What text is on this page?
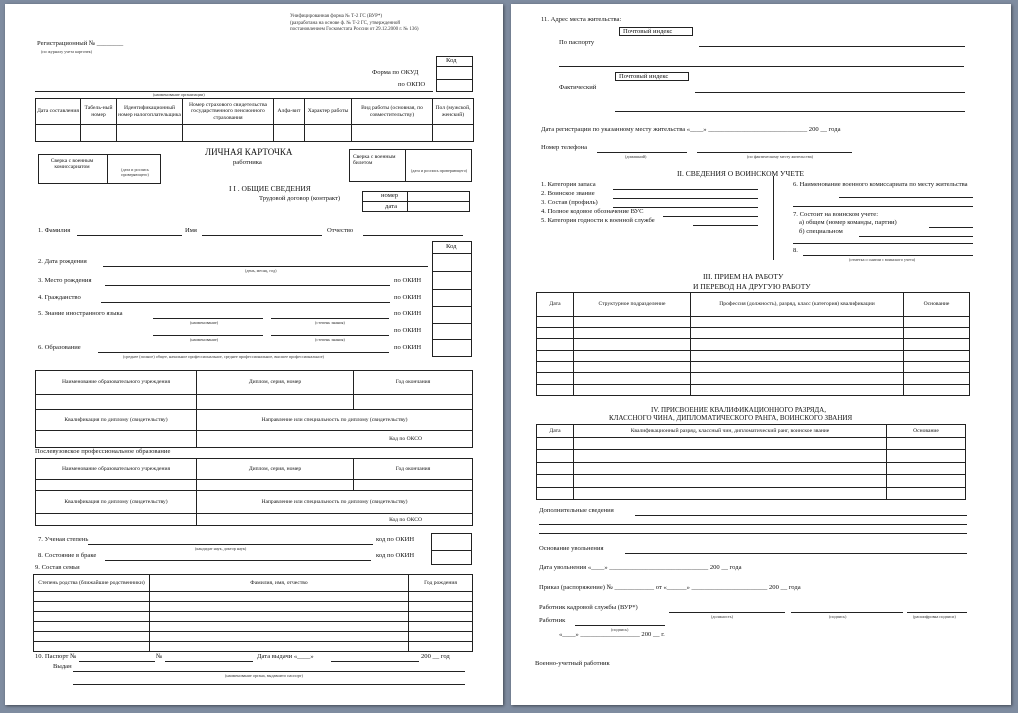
Унифицированная форма № Т-2 ГС (ВУР*)
(разработана на основе ф. № Т-2 ГС, утвержденной
постановлением Госкомстата России от 29.12.2000 г. № 136)
Регистрационный № ________
(по журналу учета карточек)
Код
Форма по ОКУД
по ОКПО
(наименование организации)
Дата составления	Табель-ный номер	Идентификационный номер налогоплательщика	Номер страхового свидетельства государственного пенсионного страхования	Алфа-вит	Характер работы	Вид работы (основная, по совместительству)	Пол (мужской, женский)

ЛИЧНАЯ КАРТОЧКА
работника
Сверка с военным комиссариатом	(дата и роспись проверяющего)
Сверка с военным билетом
(дата и роспись проверяющего)
I I . ОБЩИЕ СВЕДЕНИЯ
Трудовой договор (контракт)	номер
дата
1. Фамилия	Имя	Отчество
Код
2. Дата рождения
(день, месяц, год)
3. Место рождения	по ОКИН
4. Гражданство	по ОКИН
5. Знание иностранного языка	по ОКИН
(наименование)	(степень знания)
по ОКИН
(наименование)	(степень знания)
6. Образование	по ОКИН
(среднее (полное) общее, начальное профессиональное, среднее профессиональное, высшее профессиональное)
Наименование образовательного учреждения	Диплом, серия, номер	Год окончания

Квалификация по диплому (свидетельству)	Направление или специальность по диплому (свидетельству)	
	Код по ОКСО	
Послевузовское профессиональное образование
Наименование образовательного учреждения	Диплом, серия, номер	Год окончания

Квалификация по диплому (свидетельству)	Направление или специальность по диплому (свидетельству)	
	Код по ОКСО	
7. Ученая степень	код по ОКИН
(кандидат наук, доктор наук)
8. Состояние в браке	код по ОКИН
9. Состав семьи
Степень родства (ближайшие родственники)	Фамилия, имя, отчество	Год рождения

10. Паспорт №	№	Дата выдачи «____»	200 __ год
Выдан
(наименование органа, выдавшего паспорт)
11. Адрес места жительства:
По паспорту
Почтовый индекс
Фактический
Почтовый индекс
Дата регистрации по указанному месту жительства «____» ______________________________ 200 __ года
Номер телефона
(домашний)	(по фактическому месту жительства)
II. СВЕДЕНИЯ О ВОИНСКОМ УЧЕТЕ
1. Категория запаса
2. Воинское звание
3. Состав (профиль)
4. Полное кодовое обозначение ВУС
5. Категория годности к военной службе
6. Наименование военного комиссариата по месту жительства
7. Состоит на воинском учете:
а) общем (номер команды, партии)
б) специальном
8.
(отметка о снятии с воинского учета)
III. ПРИЕМ НА РАБОТУ
И ПЕРЕВОД НА ДРУГУЮ РАБОТУ
Дата	Структурное подразделение	Профессия (должность), разряд, класс (категория) квалификации	Основание

IV. ПРИСВОЕНИЕ КВАЛИФИКАЦИОННОГО РАЗРЯДА,
КЛАССНОГО ЧИНА, ДИПЛОМАТИЧЕСКОГО РАНГА, ВОИНСКОГО ЗВАНИЯ
Дата	Квалификационный разряд, классный чин, дипломатический ранг, воинское звание	Основание

Дополнительные сведения
Основание увольнения
Дата увольнения «____» ______________________________ 200 __ года
Приказ (распоряжение) № ____________ от «______» _______________________ 200 __ года
Работник кадровой службы (ВУР*)
(должность)	(подпись)	(расшифровка подписи)
Работник
(подпись)
«____» __________________ 200 __ г.
Военно-учетный работник
